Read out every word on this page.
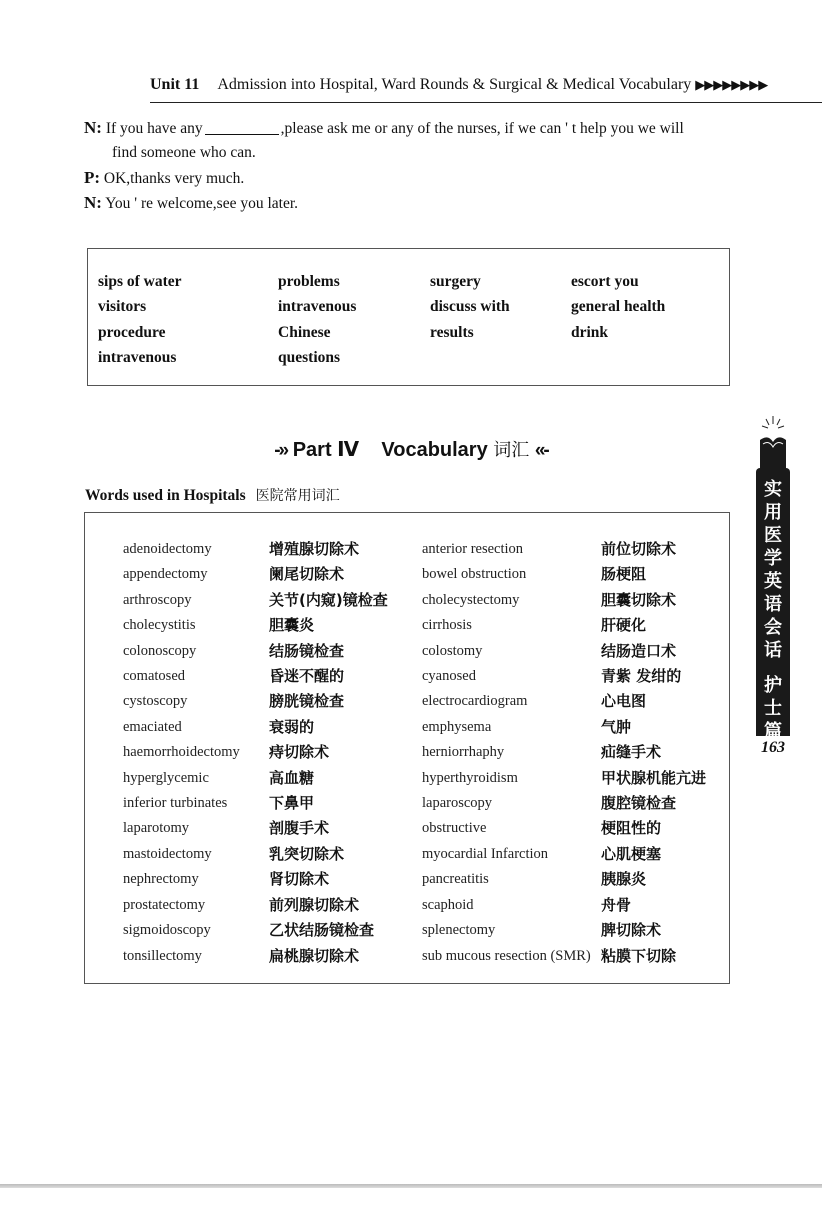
Unit 11 Admission into Hospital, Ward Rounds & Surgical & Medical Vocabulary ▶▶▶▶▶▶▶▶
N: If you have any	,please ask me or any of the nurses, if we can ' t help you we will
find someone who can.
P: OK,thanks very much.
N: You ' re welcome,see you later.
sips of water
visitors
procedure
intravenous
problems
intravenous
Chinese
questions
surgery
discuss with
results
escort you
general health
drink
-» Part Ⅳ Vocabulary 词汇 «-
Words used in Hospitals 医院常用词汇
adenoidectomy
appendectomy
arthroscopy
cholecystitis
colonoscopy
comatosed
cystoscopy
emaciated
haemorrhoidectomy
hyperglycemic
inferior turbinates
laparotomy
mastoidectomy
nephrectomy
prostatectomy
sigmoidoscopy
tonsillectomy
增殖腺切除术
阑尾切除术
关节(内窥)镜检查
胆囊炎
结肠镜检查
昏迷不醒的
膀胱镜检查
衰弱的
痔切除术
高血糖
下鼻甲
剖腹手术
乳突切除术
肾切除术
前列腺切除术
乙状结肠镜检查
扁桃腺切除术
anterior resection
bowel obstruction
cholecystectomy
cirrhosis
colostomy
cyanosed
electrocardiogram
emphysema
herniorrhaphy
hyperthyroidism
laparoscopy
obstructive
myocardial Infarction
pancreatitis
scaphoid
splenectomy
sub mucous resection (SMR)
前位切除术
肠梗阻
胆囊切除术
肝硬化
结肠造口术
青紫 发绀的
心电图
气肿
疝缝手术
甲状腺机能亢进
腹腔镜检查
梗阻性的
心肌梗塞
胰腺炎
舟骨
脾切除术
粘膜下切除
实
用
医
学
英
语
会
话
护
士
篇
163
